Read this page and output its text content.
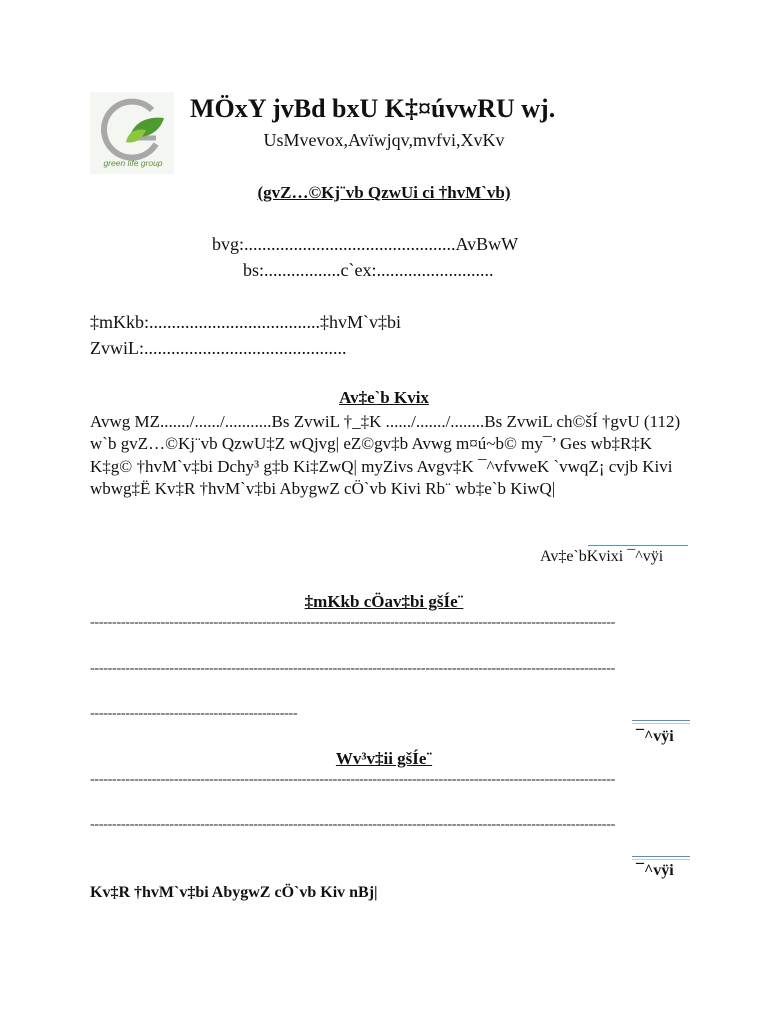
green life group
MÖxY jvBd bxU K‡¤úvwRU wj.
UsMvevox,Avïwjqv,mvfvi,XvKv
(gvZ…©Kj¨vb QzwUi ci †hvM`vb)
bvg:...............................................AvBwW
bs:.................c`ex:..........................
‡mKkb:......................................‡hvM`v‡bi
ZvwiL:.............................................
Av‡e`b Kvix
Avwg MZ......./....../...........Bs ZvwiL †_‡K ....../......./........Bs ZvwiL ch©šÍ †gvU (112) w`b gvZ…©Kj¨vb QzwU‡Z wQjvg| eZ©gv‡b Avwg m¤ú~b© my¯’ Ges wb‡R‡K K‡g© †hvM`v‡bi Dchy³ g‡b Ki‡ZwQ| myZivs Avgv‡K ¯^vfvweK `vwqZ¡ cvjb Kivi wbwg‡Ë Kv‡R †hvM`v‡bi AbygwZ cÖ`vb Kivi Rb¨ wb‡e`b KiwQ|
Av‡e`bKvixi ¯^vÿi
‡mKkb cÖav‡bi gšÍe¨
-----------------------------------------------------------------------------------------------------------------------
-----------------------------------------------------------------------------------------------------------------------
-----------------------------------------------
¯^vÿi
Wv³v‡ii gšÍe¨
-----------------------------------------------------------------------------------------------------------------------
-----------------------------------------------------------------------------------------------------------------------
¯^vÿi
Kv‡R †hvM`v‡bi AbygwZ cÖ`vb Kiv nBj|
